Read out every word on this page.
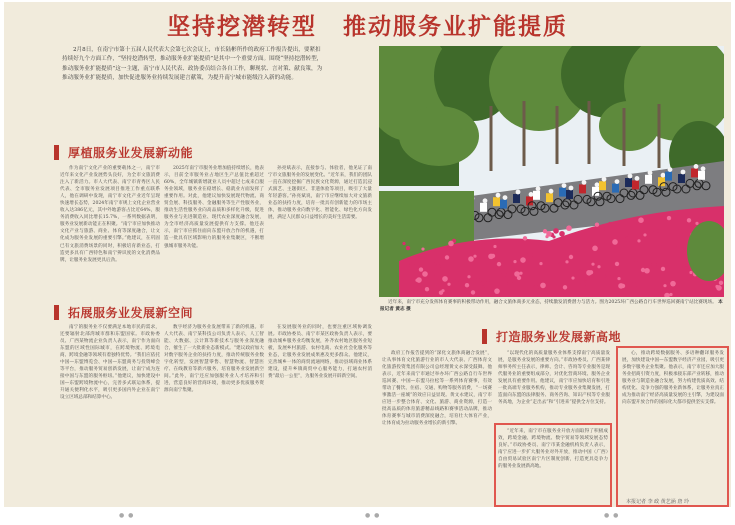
坚持挖潜转型 推动服务业扩能提质
2月8日，在南宁市第十五届人民代表大会第七次会议上，市长陆彬所作的政府工作报告提出，要紧扣持续好九个方面工作，“坚持挖潜转型，推动服务业扩能提质”是其中一个重要方面。围绕“坚持挖潜转型，推动服务业扩能提质”这一主题，南宁市人民代表、政协委员结合各自工作，聊现状、言对策、献良策，为推动服务业扩能提质，加快促进服务业持续发展建言献策，为提升南宁城市能级注入新的动能。
厚植服务业发展新动能
作为南宁文化产业的重要载体之一，南宁市近年来文化产业发展势头良好，为全市文旅消费注入了新活力。市人大代表、南宁市青秀区人民代表、全市服务业发展项目推进工作重点联系人，他在调研中发现，南宁市文化产业近年呈现快速增长态势，2024年南宁市规上文化企业营业收入达386亿元，其中外地游客占比近64%，服务消费收入同比增长15.7%，一系列数据表明，服务业发展新动能正在积聚。“南宁市应加快推动文化产业与旅游、商业、体育等深度融合，让文化成为服务业发展的重要引擎。”他建议，在巩固已有文旅消费场景的同时，积极培育新业态，打造更多具有广西特色和南宁辨识度的文化消费品牌，让服务业发展更具后劲。
2025年南宁市服务业增加值持续增长，他表示，目前全市服务业占地区生产总值比重超过60%，全年城镇新增就业人员中超过七成来自服务业领域，服务业在稳增长、稳就业方面发挥了重要作用。对此，他建议加快发展现代物流、商贸会展、科技服务、金融服务等生产性服务业，推动生活性服务业向高品质和多样化升级，促进服务业与先进制造业、现代农业深度融合发展，为全市经济高质量发展提供有力支撑。他还表示，南宁市应抓住面向东盟开放合作的机遇，打造一批具有区域影响力的服务业集聚区，不断增强城市服务功能。
孙亮斌表示，直接参与、体验者，他见证了南宁市文旅服务业的发展变化。“近年来，我们的团队一直在深度挖掘广西民族文化资源，通过打造沉浸式演艺、主题街区、非遗体验等项目，吸引了大量年轻游客。”孙亮斌说，南宁市应继续加大对文旅新业态的扶持力度，培育一批具有创新能力的市场主体，推动服务业向数字化、智能化、绿色化方向发展，满足人民群众日益增长的美好生活需要。
拓展服务业发展新空间
南宁的服务业不仅要满足本地市民的需求，还要辐射北部湾城市群和东盟国家。市政协委员、广西某物流企业负责人表示，南宁作为面向东盟的区域性国际城市，在跨境物流、跨境电商、跨境金融等领域有着独特优势。“我们应依托中国—东盟博览会、中国—东盟商务与投资峰会等平台，推动服务贸易创新发展，让南宁成为连接中国与东盟的服务枢纽。”他建议，加快建设中国—东盟跨境物流中心，完善多式联运体系，提升通关便利化水平，吸引更多国内外企业在南宁设立区域总部和结算中心。
数字经济为服务业发展带来了新的机遇。市人大代表、南宁某科技公司负责人表示，人工智能、大数据、云计算等新技术与服务业深度融合，催生了一大批新业态新模式。“建议政府加大对数字服务企业的扶持力度，推动传统服务业数字化转型，发展智慧零售、智慧物流、智慧医疗、在线教育等新兴服务，培育服务业发展新空间。”此外，南宁还应加强服务业人才培养和引进，营造良好的营商环境，推动更多优质服务资源向南宁集聚。
在发展服务业的同时，也要注重区域协调发展。市政协委员、南宁市某区政协负责人表示，要推动城乡服务业均衡发展，补齐农村地区服务业短板，发展乡村旅游、农村电商、农业社会化服务等业态，让服务业发展成果惠及更多群众。他建议，完善城乡一体的商贸流通网络，推动县域商业体系建设，提升乡镇商贸中心服务能力，打通农村消费“最后一公里”，为服务业发展开辟新空间。
近年来，南宁市充分发挥体育赛事的积极带动作用，融合文旅体商多元业态，持续激发消费潜力与活力。图为2025环广西公路自行车世界巡回赛南宁站比赛现场。 本报记者 黄志 摄
打造服务业发展新高地
政府工作报告提到的“深化文旅体商融合发展”，让从事体育文化旅游行业的市人大代表、广西体育文化旅游投资集团有限公司总经理黄文永深受鼓舞。他表示，近年来南宁市通过举办环广西公路自行车世界巡回赛、中国—东盟马拉松等一系列体育赛事，有效带动了餐饮、住宿、交通、购物等服务消费，“一场赛事激活一座城”的效应日益显现。黄文永建议，南宁市应进一步整合体育、文化、旅游、商业资源，打造一批高品质的体育旅游精品线路和赛事活动品牌，推动体育赛事与城市消费深度融合，培育壮大体育产业，让体育成为拉动服务业增长的新引擎。
“以现代化的高质量服务业体系支撑南宁高质量发展，是服务业发展的重要方向。”市政协委员、广西某律师事务所主任表示，律师、会计、咨询等专业服务是现代服务业的重要组成部分，对优化营商环境、服务企业发展具有重要作用。他建议，南宁市应加快培育和引进一批高端专业服务机构，推动专业服务业集聚发展，打造面向东盟的法律服务、商务咨询、知识产权等专业服务高地，为企业“走出去”和“引进来”提供全方位支持。
“近年来，南宁市在服务业开放方面取得了积极成效，跨境金融、跨境物流、数字贸易等领域发展态势良好。”市政协委员、南宁市某金融机构负责人表示，南宁应进一步扩大服务业对外开放，推动中国（广西）自由贸易试验区南宁片区制度创新，打造更具竞争力的服务业发展新高地。
心，推动跨境数据服务、多语种翻译服务发展，加快建设中国—东盟数字经济产业园，吸引更多数字服务企业集聚。他表示，南宁市还应加大服务业招商引资力度，积极承接东部产业转移，推动服务业与制造业融合发展，努力构建优质高效、结构优化、竞争力强的服务业新体系，让服务业真正成为推动南宁经济高质量发展的主引擎，为建设面向东盟开放合作的国际化大都市提供坚实支撑。
本报记者 李 政 黄艺涵 唐 玲
● ●	● ●	● ●
